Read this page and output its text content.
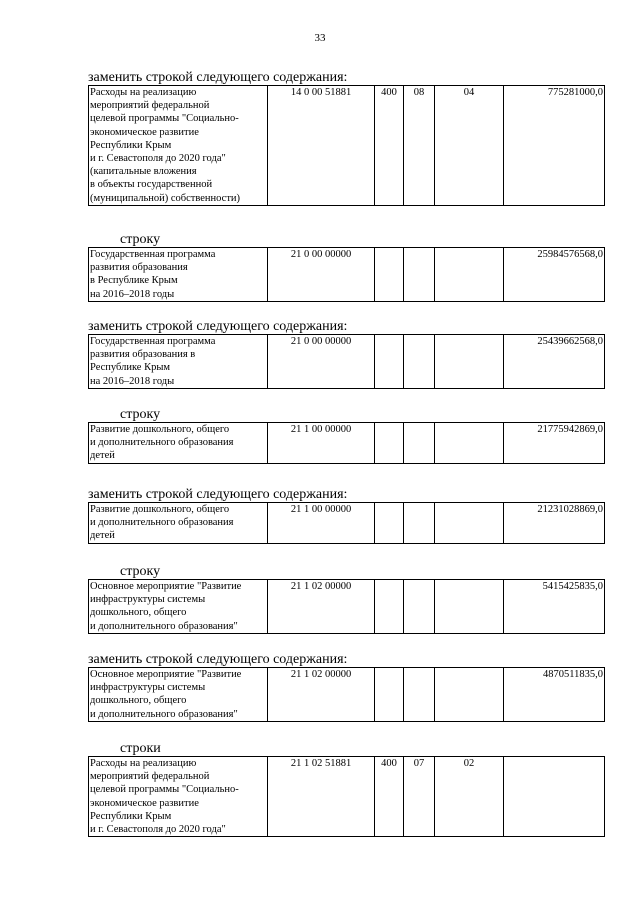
33
заменить строкой следующего содержания:
Расходы на реализацию
мероприятий федеральной
целевой программы "Социально-
экономическое развитие
Республики Крым
и г. Севастополя до 2020 года"
(капитальные вложения
в объекты государственной
(муниципальной) собственности)
	14 0 00 51881	400	08	04	775281000,0
строку
Государственная программа
развития образования
в Республике Крым
на 2016–2018 годы
	21 0 00 00000				25984576568,0
заменить строкой следующего содержания:
Государственная программа
развития образования в
Республике Крым
на 2016–2018 годы
	21 0 00 00000				25439662568,0
строку
Развитие дошкольного, общего
и дополнительного образования
детей
	21 1 00 00000				21775942869,0
заменить строкой следующего содержания:
Развитие дошкольного, общего
и дополнительного образования
детей
	21 1 00 00000				21231028869,0
строку
Основное мероприятие "Развитие
инфраструктуры системы
дошкольного, общего
и дополнительного образования"
	21 1 02 00000				5415425835,0
заменить строкой следующего содержания:
Основное мероприятие "Развитие
инфраструктуры системы
дошкольного, общего
и дополнительного образования"
	21 1 02 00000				4870511835,0
строки
Расходы на реализацию
мероприятий федеральной
целевой программы "Социально-
экономическое развитие
Республики Крым
и г. Севастополя до 2020 года"
	21 1 02 51881	400	07	02	
